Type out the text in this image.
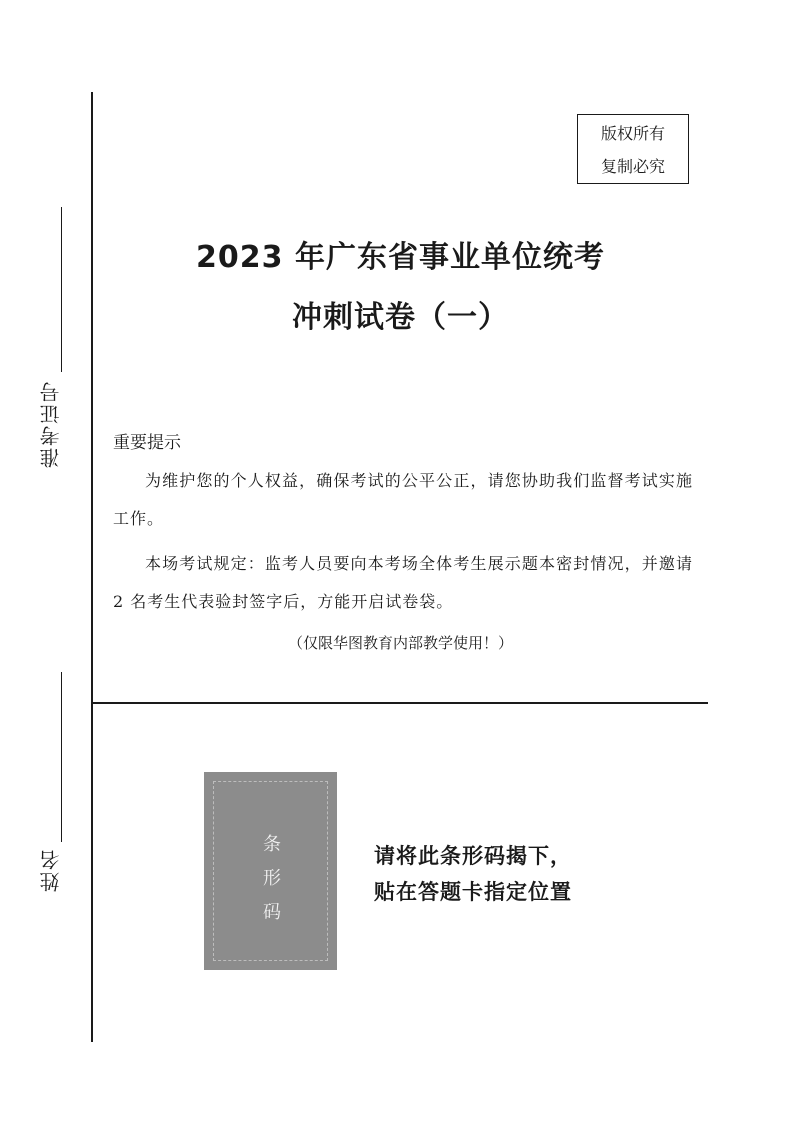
准考证号
姓名
版权所有
复制必究
2023 年广东省事业单位统考
冲刺试卷（一）
重要提示
为维护您的个人权益，确保考试的公平公正，请您协助我们监督考试实施工作。
本场考试规定：监考人员要向本考场全体考生展示题本密封情况，并邀请 2 名考生代表验封签字后，方能开启试卷袋。
（仅限华图教育内部教学使用！）
条形码
请将此条形码揭下，
贴在答题卡指定位置
